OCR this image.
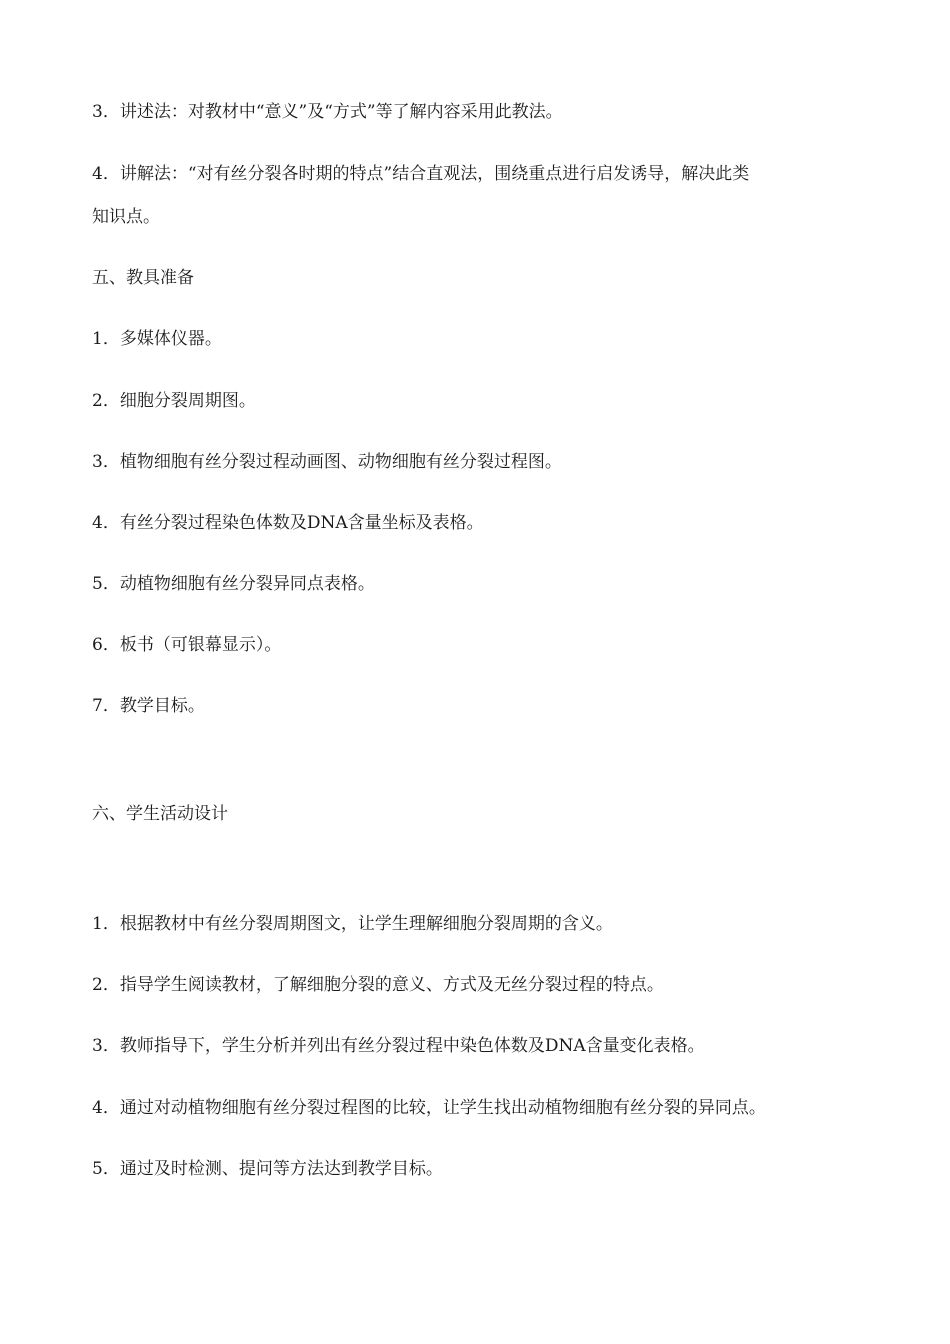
3．讲述法：对教材中“意义”及“方式”等了解内容采用此教法。
4．讲解法：“对有丝分裂各时期的特点”结合直观法，围绕重点进行启发诱导，解决此类
知识点。
五、教具准备
1．多媒体仪器。
2．细胞分裂周期图。
3．植物细胞有丝分裂过程动画图、动物细胞有丝分裂过程图。
4．有丝分裂过程染色体数及DNA含量坐标及表格。
5．动植物细胞有丝分裂异同点表格。
6．板书（可银幕显示）。
7．教学目标。
六、学生活动设计
1．根据教材中有丝分裂周期图文，让学生理解细胞分裂周期的含义。
2．指导学生阅读教材，了解细胞分裂的意义、方式及无丝分裂过程的特点。
3．教师指导下，学生分析并列出有丝分裂过程中染色体数及DNA含量变化表格。
4．通过对动植物细胞有丝分裂过程图的比较，让学生找出动植物细胞有丝分裂的异同点。
5．通过及时检测、提问等方法达到教学目标。
